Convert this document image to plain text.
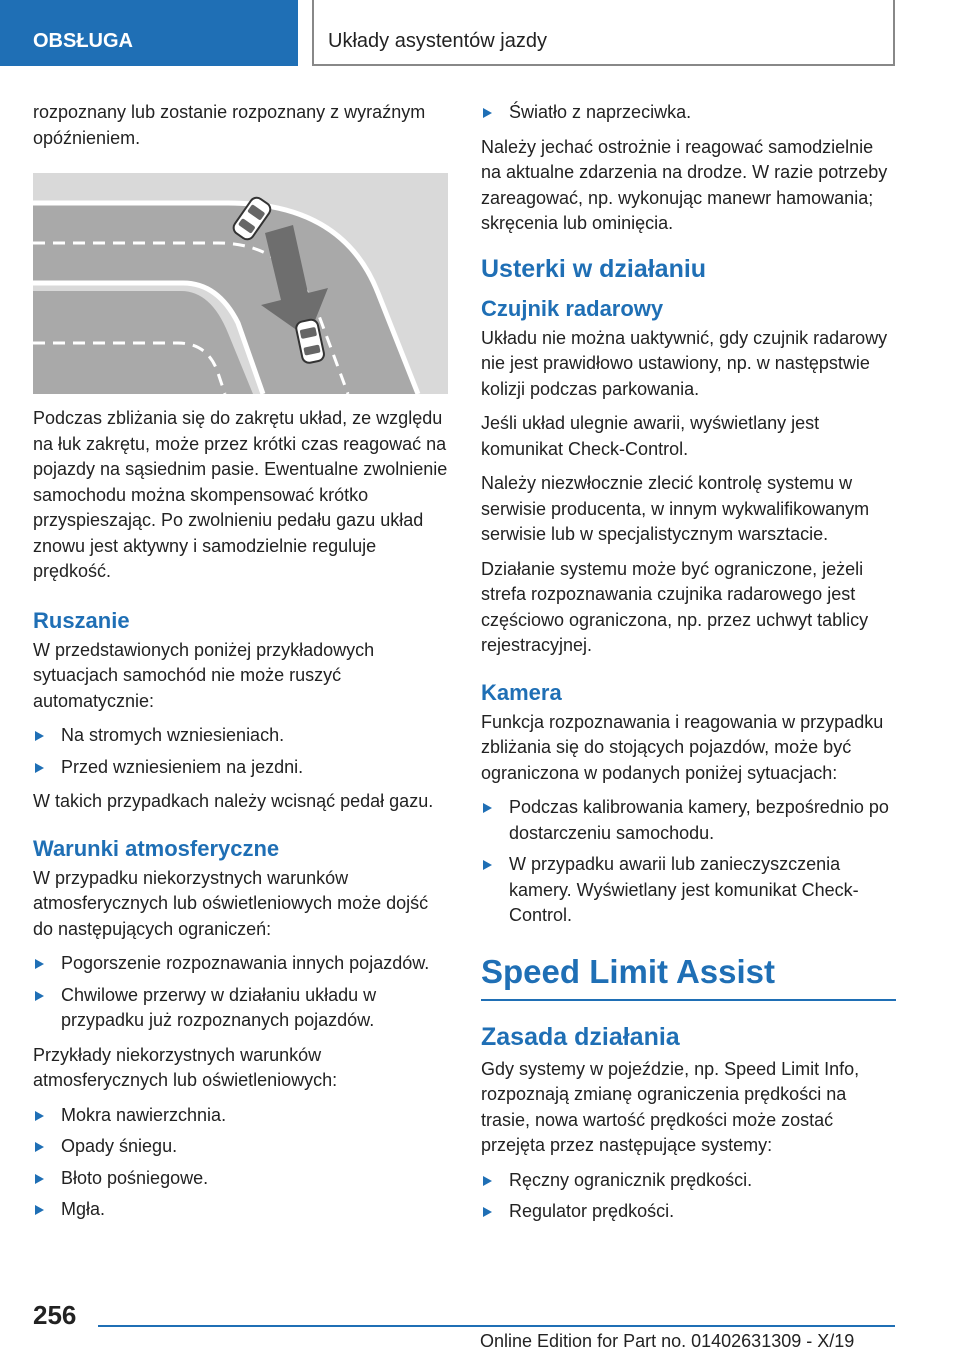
OBSŁUGA	Układy asystentów jazdy

rozpoznany lub zostanie rozpoznany z wyraźnym opóźnieniem.

Podczas zbliżania się do zakrętu układ, ze względu na łuk zakrętu, może przez krótki czas reagować na pojazdy na sąsiednim pasie. Ewentualne zwolnienie samochodu można skompensować krótko przyspieszając. Po zwolnieniu pedału gazu układ znowu jest aktywny i samodzielnie reguluje prędkość.

Ruszanie

W przedstawionych poniżej przykładowych sytuacjach samochód nie może ruszyć automatycznie:

Na stromych wzniesieniach.
Przed wzniesieniem na jezdni.

W takich przypadkach należy wcisnąć pedał gazu.

Warunki atmosferyczne

W przypadku niekorzystnych warunków atmosferycznych lub oświetleniowych może dojść do następujących ograniczeń:

Pogorszenie rozpoznawania innych pojazdów.
Chwilowe przerwy w działaniu układu w przypadku już rozpoznanych pojazdów.

Przykłady niekorzystnych warunków atmosferycznych lub oświetleniowych:

Mokra nawierzchnia.
Opady śniegu.
Błoto pośniegowe.
Mgła.
Światło z naprzeciwka.

Należy jechać ostrożnie i reagować samodzielnie na aktualne zdarzenia na drodze. W razie potrzeby zareagować, np. wykonując manewr hamowania; skręcenia lub ominięcia.

Usterki w działaniu
Czujnik radarowy

Układu nie można uaktywnić, gdy czujnik radarowy nie jest prawidłowo ustawiony, np. w następstwie kolizji podczas parkowania.

Jeśli układ ulegnie awarii, wyświetlany jest komunikat Check-Control.

Należy niezwłocznie zlecić kontrolę systemu w serwisie producenta, w innym wykwalifikowanym serwisie lub w specjalistycznym warsztacie.

Działanie systemu może być ograniczone, jeżeli strefa rozpoznawania czujnika radarowego jest częściowo ograniczona, np. przez uchwyt tablicy rejestracyjnej.

Kamera

Funkcja rozpoznawania i reagowania w przypadku zbliżania się do stojących pojazdów, może być ograniczona w podanych poniżej sytuacjach:

Podczas kalibrowania kamery, bezpośrednio po dostarczeniu samochodu.
W przypadku awarii lub zanieczyszczenia kamery. Wyświetlany jest komunikat Check-Control.
Speed Limit Assist
Zasada działania

Gdy systemy w pojeździe, np. Speed Limit Info, rozpoznają zmianę ograniczenia prędkości na trasie, nowa wartość prędkości może zostać przejęta przez następujące systemy:

Ręczny ogranicznik prędkości.
Regulator prędkości.
256
Online Edition for Part no. 01402631309 - X/19
